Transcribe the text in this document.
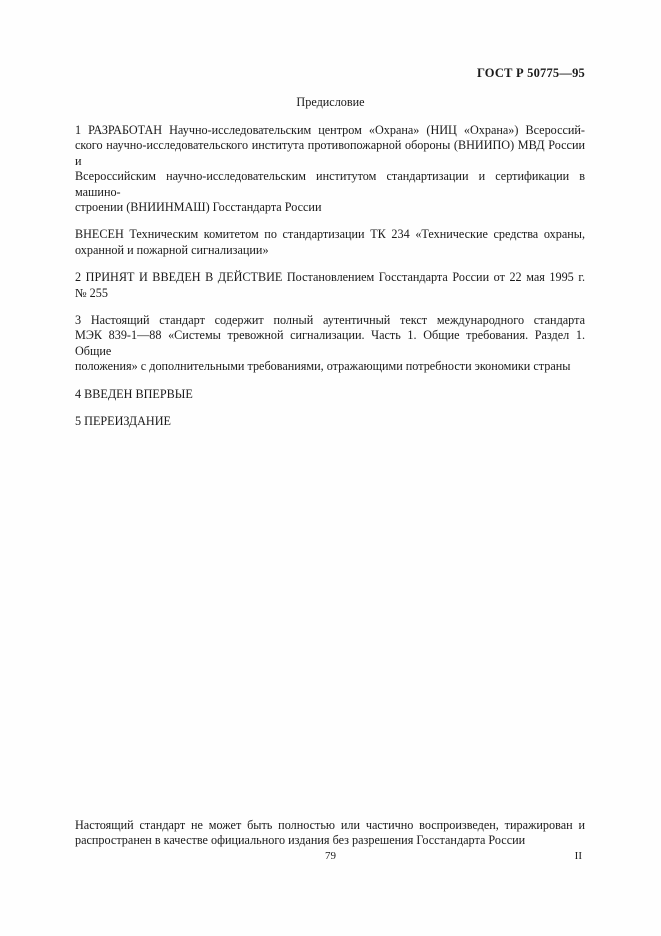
ГОСТ Р 50775—95
Предисловие
1 РАЗРАБОТАН Научно-исследовательским центром «Охрана» (НИЦ «Охрана») Всероссий-
ского научно-исследовательского института противопожарной обороны (ВНИИПО) МВД России и
Всероссийским научно-исследовательским институтом стандартизации и сертификации в машино-
строении (ВНИИНМАШ) Госстандарта России
ВНЕСЕН Техническим комитетом по стандартизации ТК 234 «Технические средства охраны,
охранной и пожарной сигнализации»
2 ПРИНЯТ И ВВЕДЕН В ДЕЙСТВИЕ Постановлением Госстандарта России от 22 мая 1995 г.
№ 255
3 Настоящий стандарт содержит полный аутентичный текст международного стандарта
МЭК 839-1—88 «Системы тревожной сигнализации. Часть 1. Общие требования. Раздел 1. Общие
положения» с дополнительными требованиями, отражающими потребности экономики страны
4 ВВЕДЕН ВПЕРВЫЕ
5 ПЕРЕИЗДАНИЕ
Настоящий стандарт не может быть полностью или частично воспроизведен, тиражирован и
распространен в качестве официального издания без разрешения Госстандарта России
79	II
